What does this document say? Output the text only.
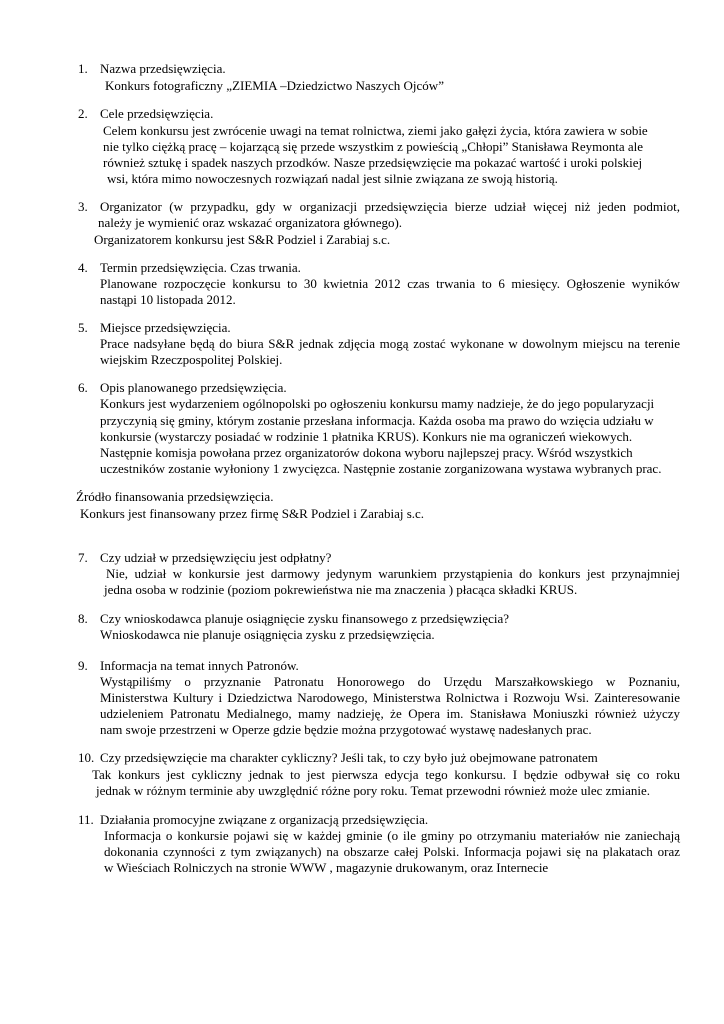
1. Nazwa przedsięwzięcia.
Konkurs fotograficzny „ZIEMIA –Dziedzictwo Naszych Ojców”
2. Cele przedsięwzięcia.
Celem konkursu jest zwrócenie uwagi na temat rolnictwa, ziemi jako gałęzi życia, która zawiera w sobie
nie tylko ciężką pracę – kojarzącą się przede wszystkim z powieścią „Chłopi” Stanisława Reymonta ale
również sztukę i spadek naszych przodków. Nasze przedsięwzięcie ma pokazać wartość i uroki polskiej
wsi, która mimo nowoczesnych rozwiązań nadal jest silnie związana ze swoją historią.
3. Organizator (w przypadku, gdy w organizacji przedsięwzięcia bierze udział więcej niż jeden podmiot,
należy je wymienić oraz wskazać organizatora głównego).
Organizatorem konkursu jest S&R Podziel i Zarabiaj s.c.
4. Termin przedsięwzięcia. Czas trwania.
Planowane rozpoczęcie konkursu to 30 kwietnia 2012 czas trwania to 6 miesięcy. Ogłoszenie wyników
nastąpi 10 listopada 2012.
5. Miejsce przedsięwzięcia.
Prace nadsyłane będą do biura S&R jednak zdjęcia mogą zostać wykonane w dowolnym miejscu na terenie
wiejskim Rzeczpospolitej Polskiej.
6. Opis planowanego przedsięwzięcia.
Konkurs jest wydarzeniem ogólnopolski po ogłoszeniu konkursu mamy nadzieje, że do jego popularyzacji
przyczynią się gminy, którym zostanie przesłana informacja. Każda osoba ma prawo do wzięcia udziału w
konkursie (wystarczy posiadać w rodzinie 1 płatnika KRUS). Konkurs nie ma ograniczeń wiekowych.
Następnie komisja powołana przez organizatorów dokona wyboru najlepszej pracy. Wśród wszystkich
uczestników zostanie wyłoniony 1 zwycięzca. Następnie zostanie zorganizowana wystawa wybranych prac.
Źródło finansowania przedsięwzięcia.
Konkurs jest finansowany przez firmę S&R Podziel i Zarabiaj s.c.
7. Czy udział w przedsięwzięciu jest odpłatny?
Nie, udział w konkursie jest darmowy jedynym warunkiem przystąpienia do konkurs jest przynajmniej
jedna osoba w rodzinie (poziom pokrewieństwa nie ma znaczenia ) płacąca składki KRUS.
8. Czy wnioskodawca planuje osiągnięcie zysku finansowego z przedsięwzięcia?
Wnioskodawca nie planuje osiągnięcia zysku z przedsięwzięcia.
9. Informacja na temat innych Patronów.
Wystąpiliśmy o przyznanie Patronatu Honorowego do Urzędu Marszałkowskiego w Poznaniu,
Ministerstwa Kultury i Dziedzictwa Narodowego, Ministerstwa Rolnictwa i Rozwoju Wsi. Zainteresowanie
udzieleniem Patronatu Medialnego, mamy nadzieję, że Opera im. Stanisława Moniuszki również użyczy
nam swoje przestrzeni w Operze gdzie będzie można przygotować wystawę nadesłanych prac.
10. Czy przedsięwzięcie ma charakter cykliczny? Jeśli tak, to czy było już obejmowane patronatem
Tak konkurs jest cykliczny jednak to jest pierwsza edycja tego konkursu. I będzie odbywał się co roku
jednak w różnym terminie aby uwzględnić różne pory roku. Temat przewodni również może ulec zmianie.
11. Działania promocyjne związane z organizacją przedsięwzięcia.
Informacja o konkursie pojawi się w każdej gminie (o ile gminy po otrzymaniu materiałów nie zaniechają
dokonania czynności z tym związanych) na obszarze całej Polski. Informacja pojawi się na plakatach oraz
w Wieściach Rolniczych na stronie WWW , magazynie drukowanym, oraz Internecie
